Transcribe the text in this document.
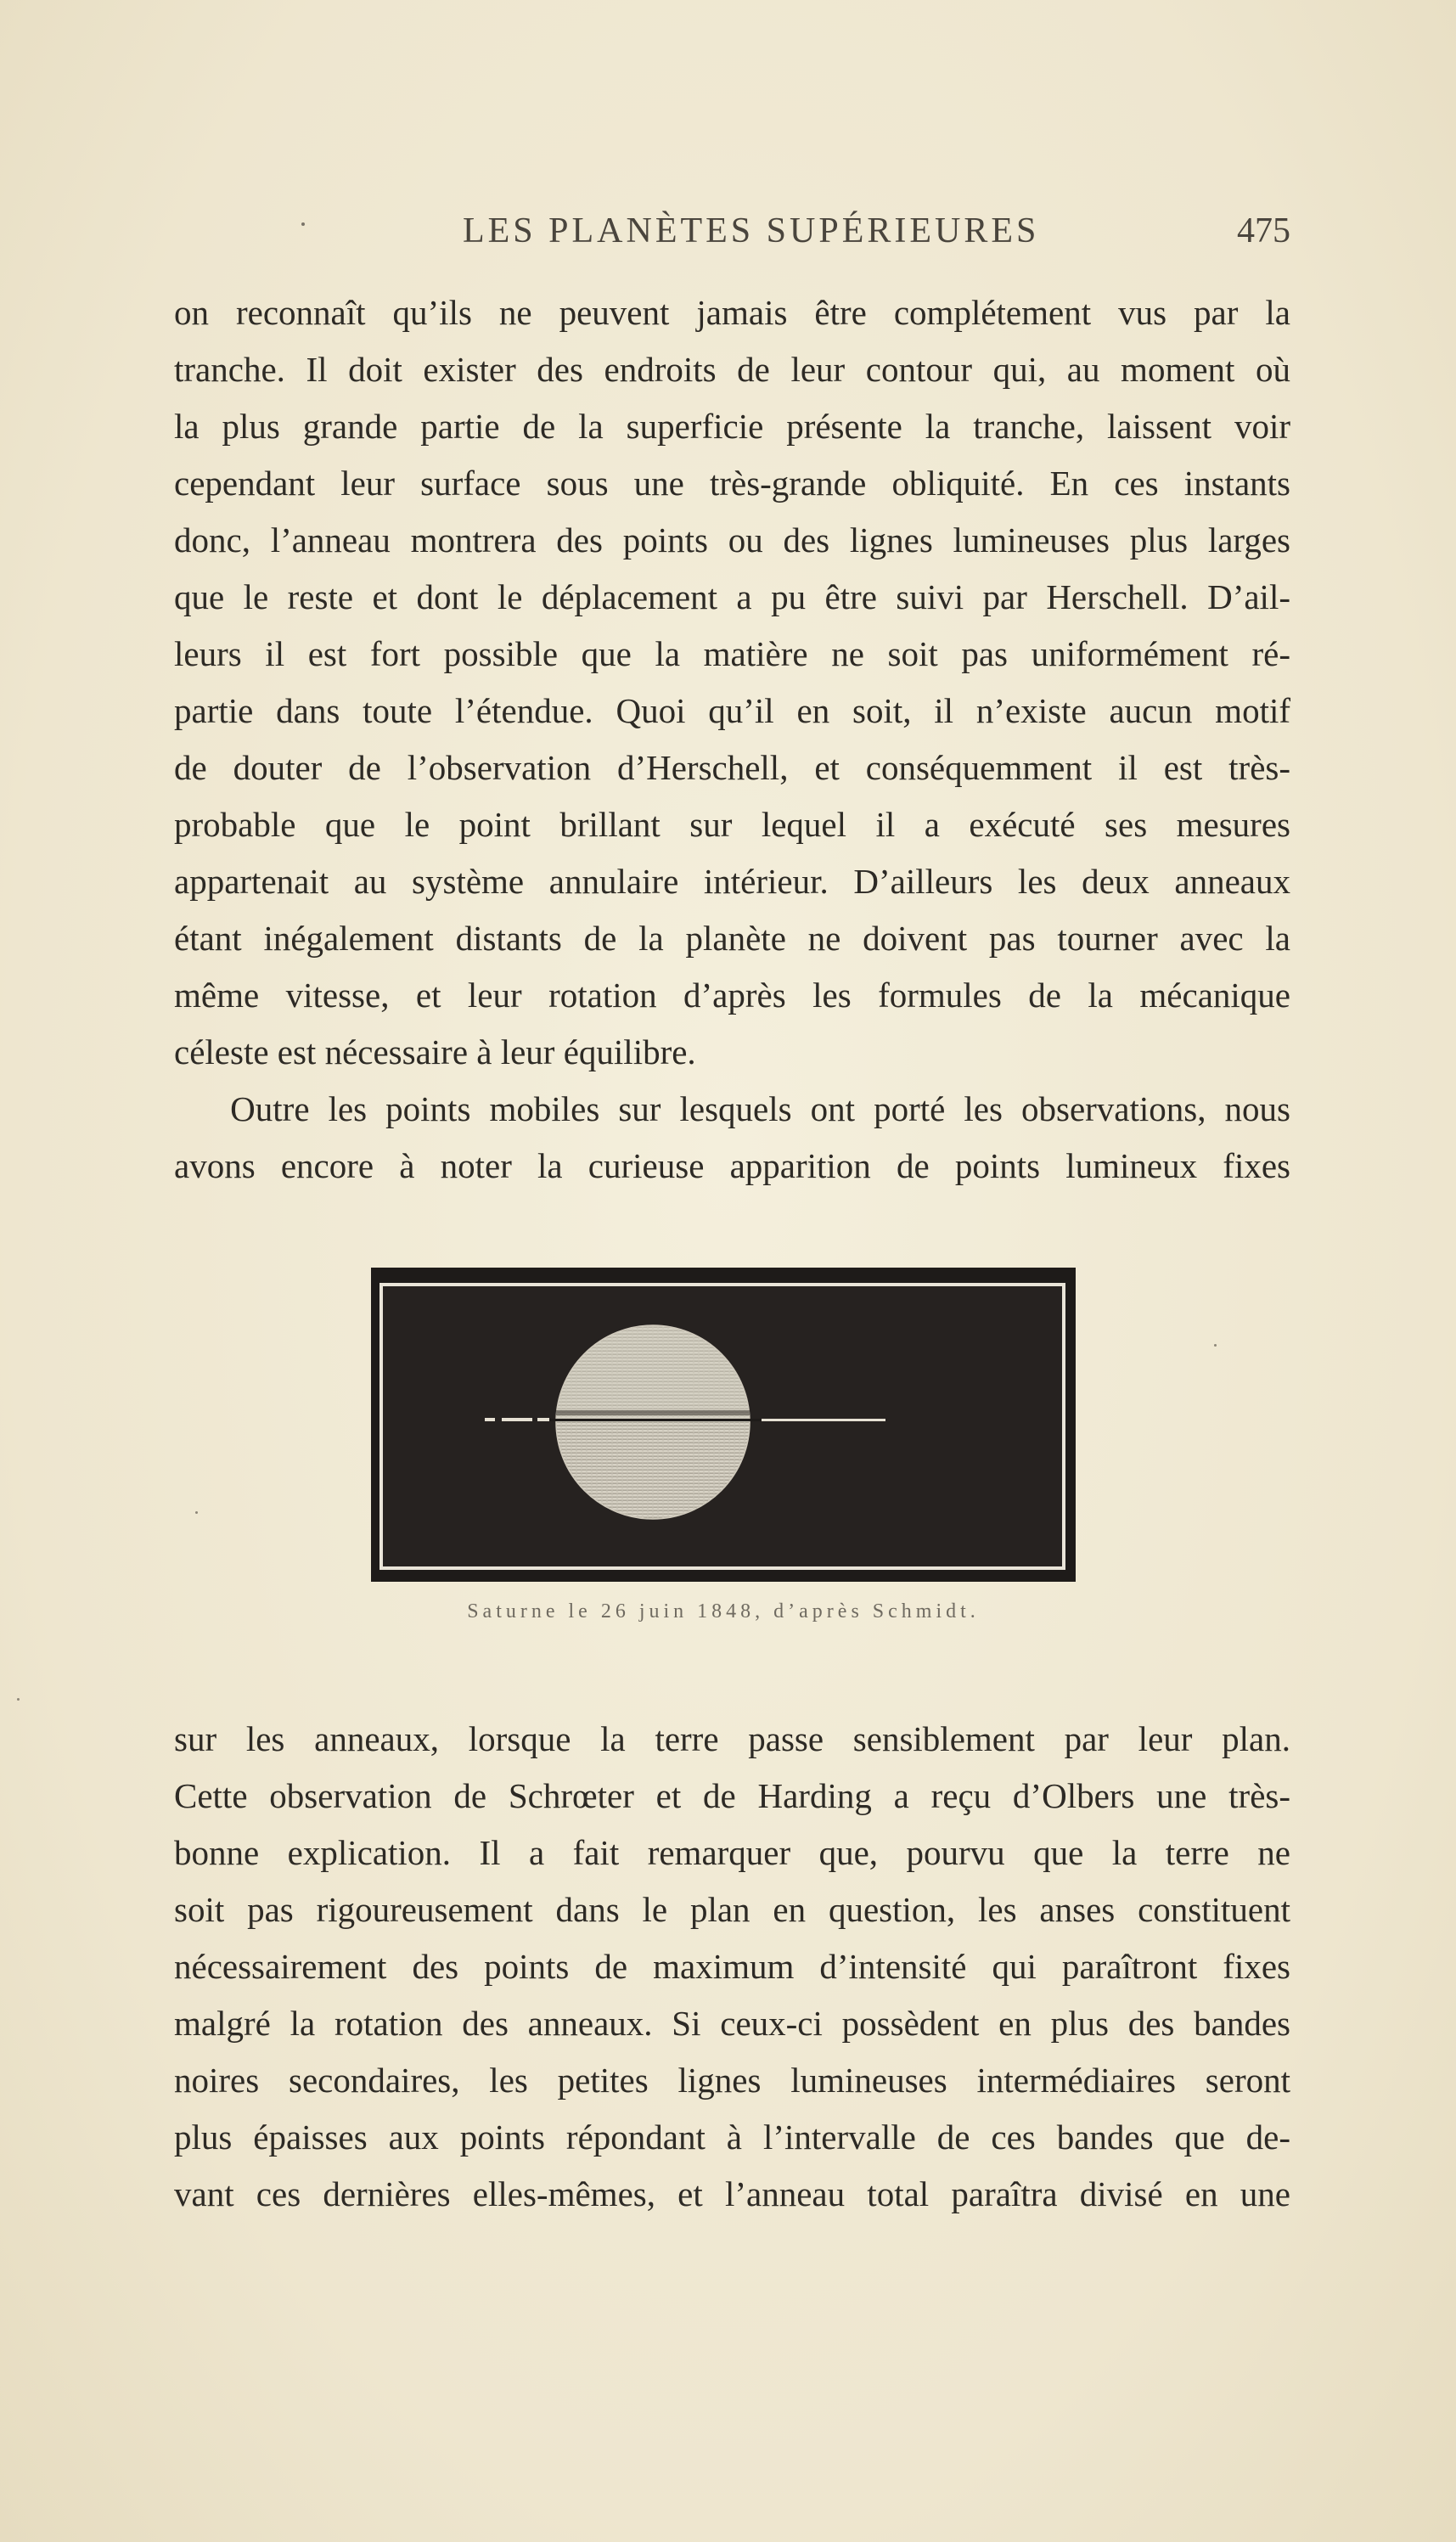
LES PLANÈTES SUPÉRIEURES	475
on reconnaît qu’ils ne peuvent jamais être complétement vus par la
tranche. Il doit exister des endroits de leur contour qui, au moment où
la plus grande partie de la superficie présente la tranche, laissent voir
cependant leur surface sous une très-grande obliquité. En ces instants
donc, l’anneau montrera des points ou des lignes lumineuses plus larges
que le reste et dont le déplacement a pu être suivi par Herschell. D’ail-
leurs il est fort possible que la matière ne soit pas uniformément ré-
partie dans toute l’étendue. Quoi qu’il en soit, il n’existe aucun motif
de douter de l’observation d’Herschell, et conséquemment il est très-
probable que le point brillant sur lequel il a exécuté ses mesures
appartenait au système annulaire intérieur. D’ailleurs les deux anneaux
étant inégalement distants de la planète ne doivent pas tourner avec la
même vitesse, et leur rotation d’après les formules de la mécanique
céleste est nécessaire à leur équilibre.
Outre les points mobiles sur lesquels ont porté les observations, nous
avons encore à noter la curieuse apparition de points lumineux fixes
Saturne le 26 juin 1848, d’après Schmidt.
sur les anneaux, lorsque la terre passe sensiblement par leur plan.
Cette observation de Schrœter et de Harding a reçu d’Olbers une très-
bonne explication. Il a fait remarquer que, pourvu que la terre ne
soit pas rigoureusement dans le plan en question, les anses constituent
nécessairement des points de maximum d’intensité qui paraîtront fixes
malgré la rotation des anneaux. Si ceux-ci possèdent en plus des bandes
noires secondaires, les petites lignes lumineuses intermédiaires seront
plus épaisses aux points répondant à l’intervalle de ces bandes que de-
vant ces dernières elles-mêmes, et l’anneau total paraîtra divisé en une
